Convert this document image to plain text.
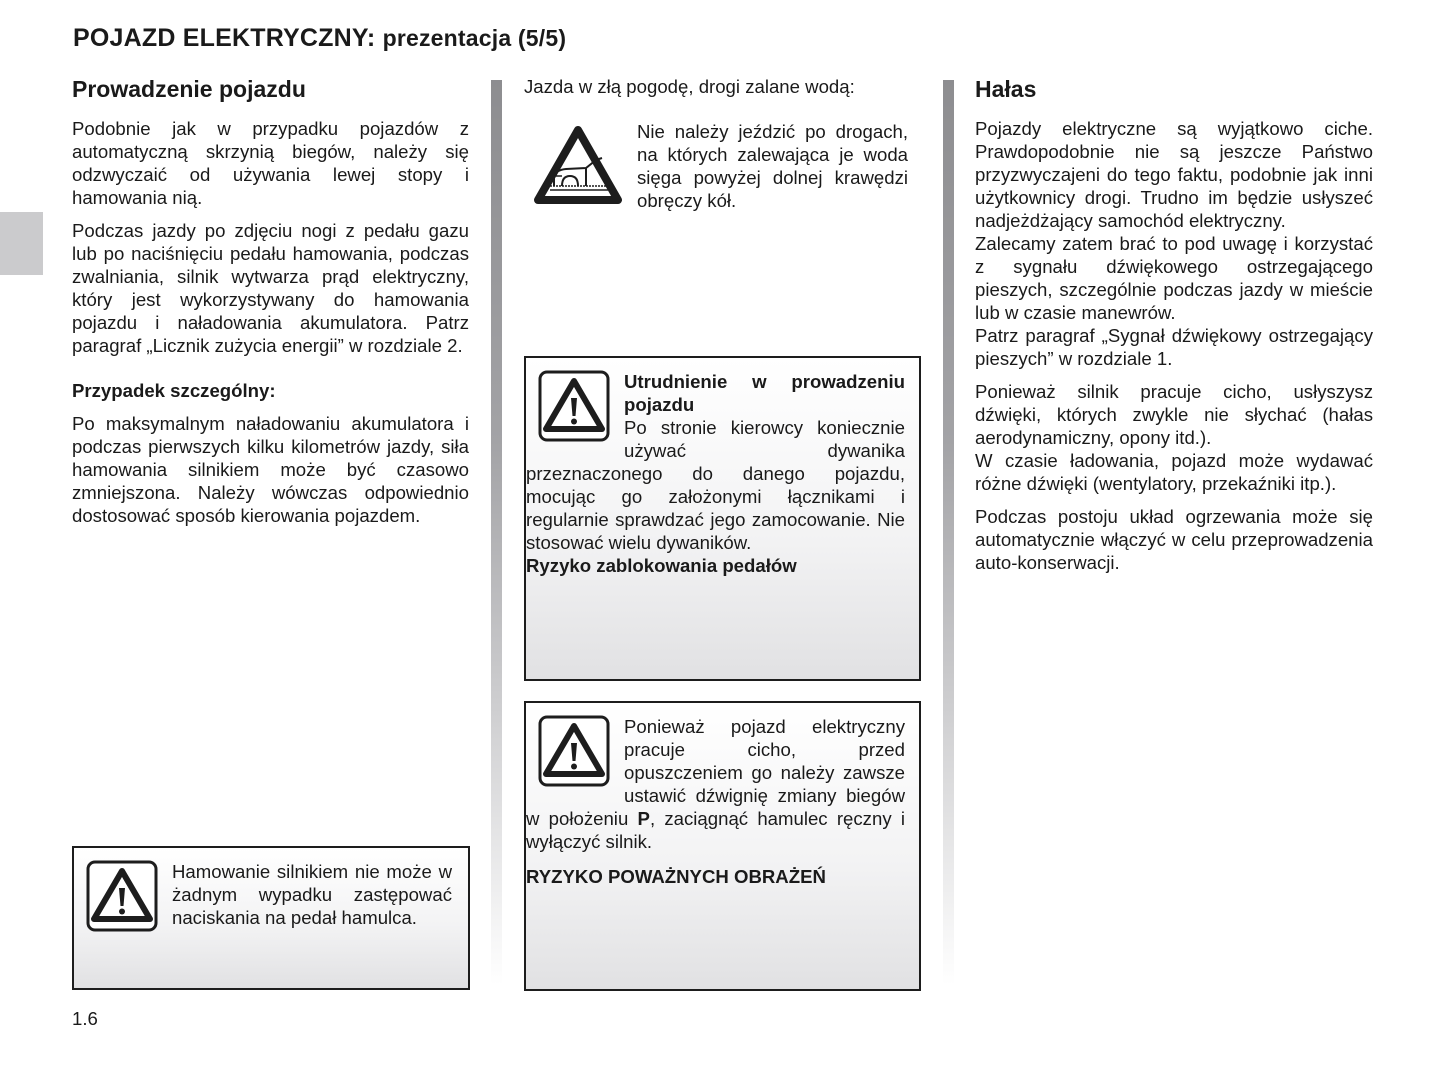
POJAZD ELEKTRYCZNY: prezentacja (5/5)
Prowadzenie pojazdu

Podobnie jak w przypadku pojazdów z automatyczną skrzynią biegów, należy się odzwyczaić od używania lewej stopy i hamowania nią.

Podczas jazdy po zdjęciu nogi z pedału gazu lub po naciśnięciu pedału hamowania, podczas zwalniania, silnik wytwarza prąd elektryczny, który jest wykorzystywany do hamowania pojazdu i naładowania akumulatora. Patrz paragraf „Licznik zużycia energii” w rozdziale 2.

Przypadek szczególny:

Po maksymalnym naładowaniu akumulatora i podczas pierwszych kilku kilometrów jazdy, siła hamowania silnikiem może być czasowo zmniejszona. Należy wówczas odpowiednio dostosować sposób kierowania pojazdem.

Hamowanie silnikiem nie może w żadnym wypadku zastępować naciskania na pedał hamulca.

Jazda w złą pogodę, drogi zalane wodą:

Nie należy jeździć po drogach, na których zalewająca je woda sięga powyżej dolnej krawędzi obręczy kół.

Utrudnienie w prowadzeniu pojazdu

Po stronie kierowcy koniecznie używać dywanika przeznaczonego do danego pojazdu, mocując go założonymi łącznikami i regularnie sprawdzać jego zamocowanie. Nie stosować wielu dywaników.

Ryzyko zablokowania pedałów

Ponieważ pojazd elektryczny pracuje cicho, przed opuszczeniem go należy zawsze ustawić dźwignię zmiany biegów w położeniu P, zaciągnąć hamulec ręczny i wyłączyć silnik.

RYZYKO POWAŻNYCH OBRAŻEŃ

Hałas

Pojazdy elektryczne są wyjątkowo ciche. Prawdopodobnie nie są jeszcze Państwo przyzwyczajeni do tego faktu, podobnie jak inni użytkownicy drogi. Trudno im będzie usłyszeć nadjeżdżający samochód elektryczny.

Zalecamy zatem brać to pod uwagę i korzystać z sygnału dźwiękowego ostrzegającego pieszych, szczególnie podczas jazdy w mieście lub w czasie manewrów.

Patrz paragraf „Sygnał dźwiękowy ostrzegający pieszych” w rozdziale 1.

Ponieważ silnik pracuje cicho, usłyszysz dźwięki, których zwykle nie słychać (hałas aerodynamiczny, opony itd.).

W czasie ładowania, pojazd może wydawać różne dźwięki (wentylatory, przekaźniki itp.).

Podczas postoju układ ogrzewania może się automatycznie włączyć w celu przeprowadzenia auto-konserwacji.

1.6
